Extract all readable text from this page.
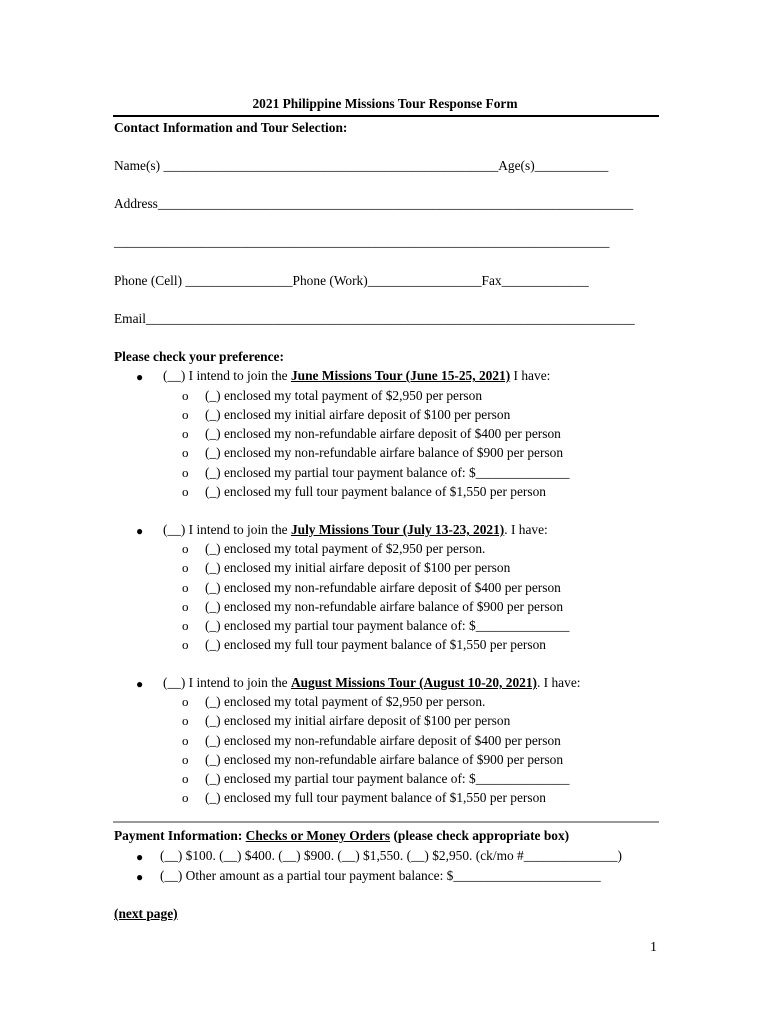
2021 Philippine Missions Tour Response Form
Contact Information and Tour Selection:
Name(s) __________________________________________________Age(s)___________
Address_______________________________________________________________________
__________________________________________________________________________
Phone (Cell) ________________Phone (Work)_________________Fax_____________
Email_________________________________________________________________________
Please check your preference:
● (__) I intend to join the June Missions Tour (June 15-25, 2021) I have:
o (_) enclosed my total payment of $2,950 per person
o (_) enclosed my initial airfare deposit of $100 per person
o (_) enclosed my non-refundable airfare deposit of $400 per person
o (_) enclosed my non-refundable airfare balance of $900 per person
o (_) enclosed my partial tour payment balance of: $______________
o (_) enclosed my full tour payment balance of $1,550 per person
● (__) I intend to join the July Missions Tour (July 13-23, 2021). I have:
o (_) enclosed my total payment of $2,950 per person.
o (_) enclosed my initial airfare deposit of $100 per person
o (_) enclosed my non-refundable airfare deposit of $400 per person
o (_) enclosed my non-refundable airfare balance of $900 per person
o (_) enclosed my partial tour payment balance of: $______________
o (_) enclosed my full tour payment balance of $1,550 per person
● (__) I intend to join the August Missions Tour (August 10-20, 2021). I have:
o (_) enclosed my total payment of $2,950 per person.
o (_) enclosed my initial airfare deposit of $100 per person
o (_) enclosed my non-refundable airfare deposit of $400 per person
o (_) enclosed my non-refundable airfare balance of $900 per person
o (_) enclosed my partial tour payment balance of: $______________
o (_) enclosed my full tour payment balance of $1,550 per person
Payment Information: Checks or Money Orders (please check appropriate box)
● (__) $100. (__) $400. (__) $900. (__) $1,550. (__) $2,950. (ck/mo #______________)
● (__) Other amount as a partial tour payment balance: $______________________
(next page)
1
